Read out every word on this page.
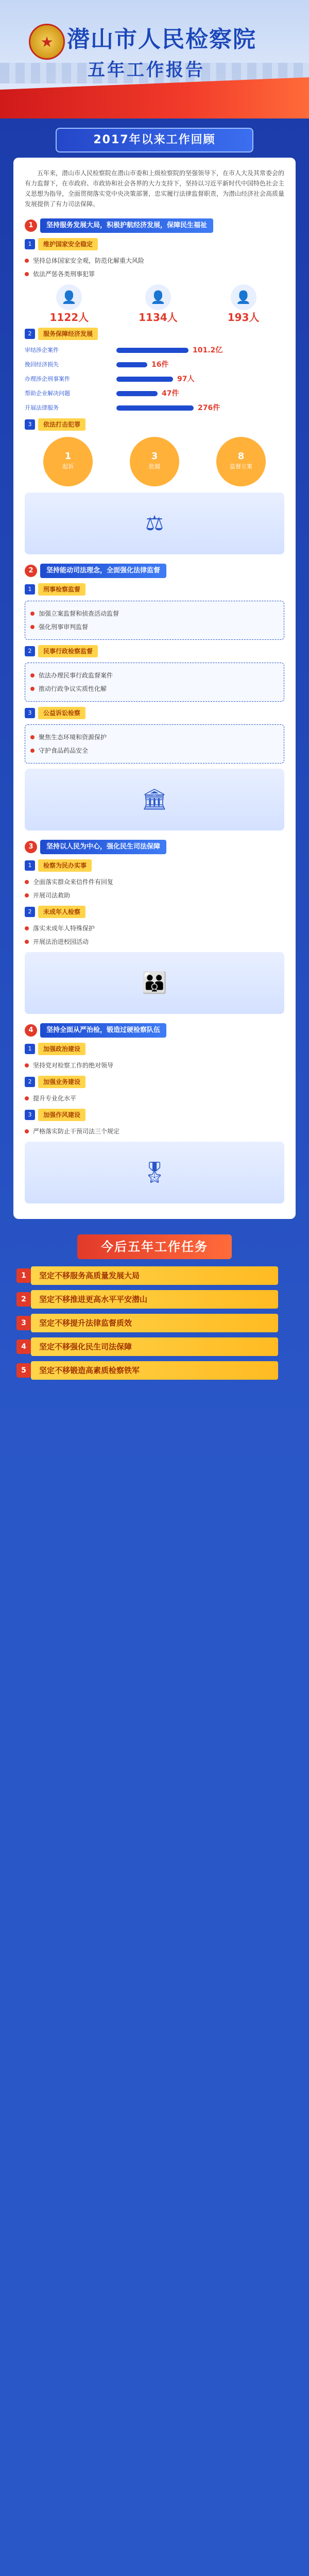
★ 潜山市人民检察院
五年工作报告
2017年以来工作回顾
五年来，潜山市人民检察院在潜山市委和上级检察院的坚强领导下，在市人大及其常委会的有力监督下，在市政府、市政协和社会各界的大力支持下，坚持以习近平新时代中国特色社会主义思想为指导，全面贯彻落实党中央决策部署，忠实履行法律监督职责，为潜山经济社会高质量发展提供了有力司法保障。
1	坚持服务发展大局，积极护航经济发展，保障民生福祉
1	维护国家安全稳定
坚持总体国家安全观，防范化解重大风险
依法严惩各类刑事犯罪
👤
1122人
👤
1134人
👤
193人
2	服务保障经济发展
审结涉企案件	101.2亿
挽回经济损失	16件
办理涉企刑事案件	97人
帮助企业解决问题	47件
开展法律服务	276件
3	依法打击犯罪
1
起诉
3
批捕
8
监督立案
⚖
2	坚持能动司法理念，全面强化法律监督
1	刑事检察监督
加强立案监督和侦查活动监督
强化刑事审判监督
2	民事行政检察监督
依法办理民事行政监督案件
推动行政争议实质性化解
3	公益诉讼检察
聚焦生态环境和资源保护
守护食品药品安全
🏛
3	坚持以人民为中心，强化民生司法保障
1	检察为民办实事
全面落实群众来信件件有回复
开展司法救助
2	未成年人检察
落实未成年人特殊保护
开展法治进校园活动
👪
4	坚持全面从严治检，锻造过硬检察队伍
1	加强政治建设
坚持党对检察工作的绝对领导
2	加强业务建设
提升专业化水平
3	加强作风建设
严格落实防止干预司法三个规定
🎖
今后五年工作任务
1	坚定不移服务高质量发展大局
2	坚定不移推进更高水平平安潜山
3	坚定不移提升法律监督质效
4	坚定不移强化民生司法保障
5	坚定不移锻造高素质检察铁军
